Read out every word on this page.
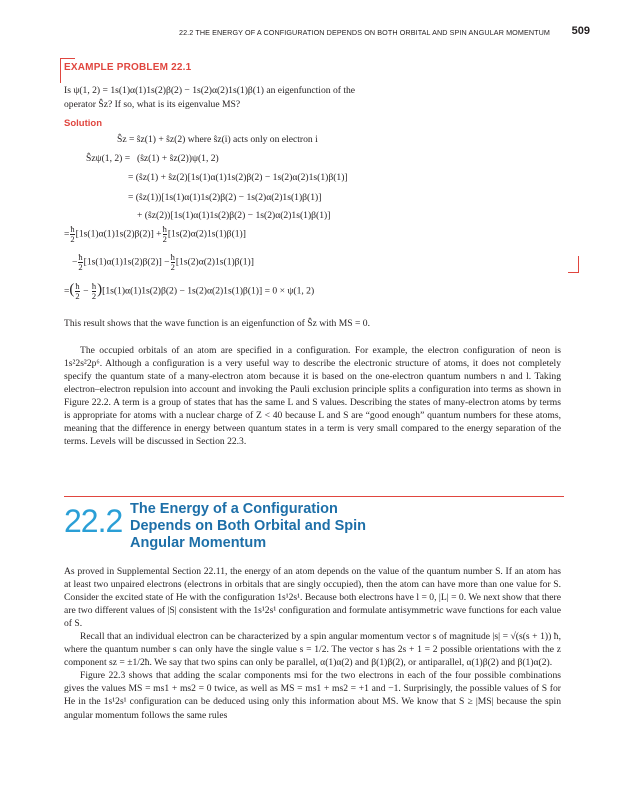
22.2 THE ENERGY OF A CONFIGURATION DEPENDS ON BOTH ORBITAL AND SPIN ANGULAR MOMENTUM 509
EXAMPLE PROBLEM 22.1
Is ψ(1, 2) = 1s(1)α(1)1s(2)β(2) − 1s(2)α(2)1s(1)β(1) an eigenfunction of the
operator Ŝz? If so, what is its eigenvalue MS?
Solution
Ŝz = ŝz(1) + ŝz(2) where ŝz(i) acts only on electron i
Ŝzψ(1, 2) = (ŝz(1) + ŝz(2))ψ(1, 2)
= (ŝz(1) + ŝz(2)[1s(1)α(1)1s(2)β(2) − 1s(2)α(2)1s(1)β(1)]
= (ŝz(1))[1s(1)α(1)1s(2)β(2) − 1s(2)α(2)1s(1)β(1)]
+ (ŝz(2))[1s(1)α(1)1s(2)β(2) − 1s(2)α(2)1s(1)β(1)]
= $\frac{ħ}{2} [1s(1)\alpha(1)1s(2)\beta(2)] + \frac{ħ}{2} [1s(2)\alpha(2)1s(1)\beta(1)]$
− $\frac{ħ}{2} [1s(1)\alpha(1)1s(2)\beta(2)] - \frac{ħ}{2} [1s(2)\alpha(2)1s(1)\beta(1)]$
=( $\frac{ħ}{2} - \frac{ħ}{2} )[1s(1)\alpha(1)1s(2)\beta(2) - 1s(2)\alpha(2)1s(1)\beta(1)] = 0 \times \psi(1$, 2)
This result shows that the wave function is an eigenfunction of Ŝz with MS = 0.

The occupied orbitals of an atom are specified in a configuration. For example, the electron configuration of neon is 1s²2s²2p⁶. Although a configuration is a very useful way to describe the electronic structure of atoms, it does not completely specify the quantum state of a many-electron atom because it is based on the one-electron quantum numbers n and l. Taking electron–electron repulsion into account and invoking the Pauli exclusion principle splits a configuration into terms as shown in Figure 22.2. A term is a group of states that has the same L and S values. Describing the states of many-electron atoms by terms is appropriate for atoms with a nuclear charge of Z < 40 because L and S are “good enough” quantum numbers for these atoms, meaning that the difference in energy between quantum states in a term is very small compared to the energy separation of the terms. Levels will be discussed in Section 22.3.

22.2 The Energy of a Configuration
Depends on Both Orbital and Spin
Angular Momentum

As proved in Supplemental Section 22.11, the energy of an atom depends on the value of the quantum number S. If an atom has at least two unpaired electrons (electrons in orbitals that are singly occupied), then the atom can have more than one value for S. Consider the excited state of He with the configuration 1s¹2s¹. Because both electrons have l = 0, |L| = 0. We next show that there are two different values of |S| consistent with the 1s¹2s¹ configuration and formulate antisymmetric wave functions for each value of S.

Recall that an individual electron can be characterized by a spin angular momentum vector s of magnitude |s| = √(s(s + 1)) ħ, where the quantum number s can only have the single value s = 1/2. The vector s has 2s + 1 = 2 possible orientations with the z component sz = ±1/2ħ. We say that two spins can only be parallel, α(1)α(2) and β(1)β(2), or antiparallel, α(1)β(2) and β(1)α(2).

Figure 22.3 shows that adding the scalar components msi for the two electrons in each of the four possible combinations gives the values MS = ms1 + ms2 = 0 twice, as well as MS = ms1 + ms2 = +1 and −1. Surprisingly, the possible values of S for He in the 1s¹2s¹ configuration can be deduced using only this information about MS. We know that S ≥ |MS| because the spin angular momentum follows the same rules
